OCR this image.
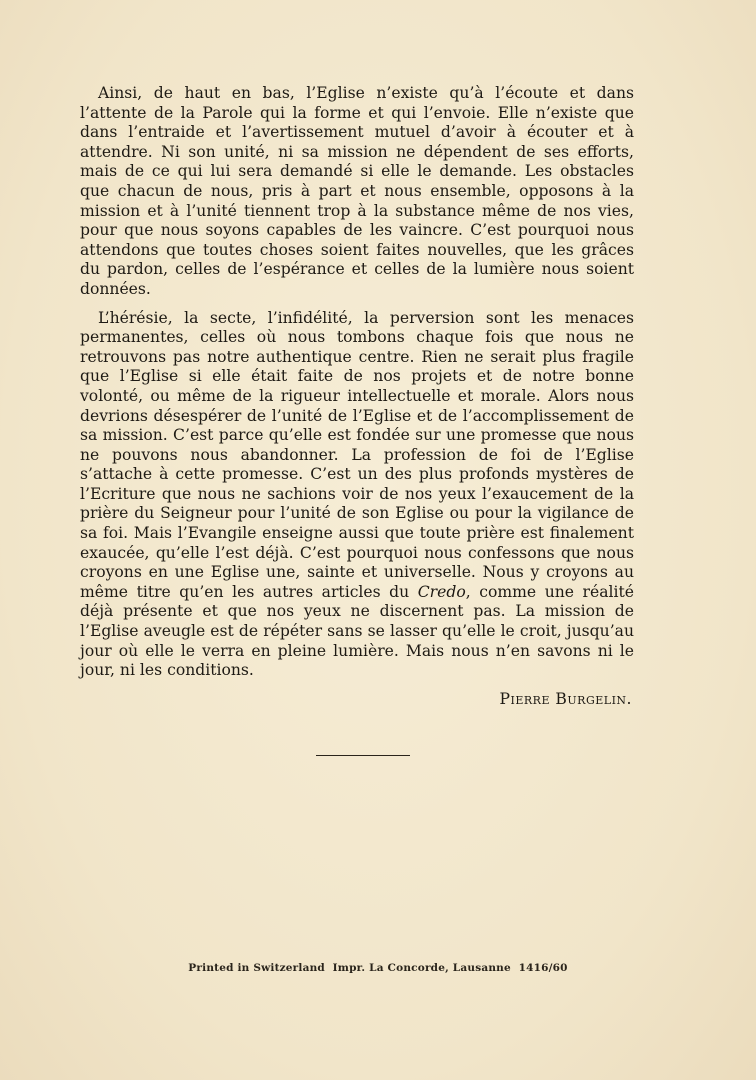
Ainsi, de haut en bas, l’Eglise n’existe qu’à l’écoute et dans l’attente de la Parole qui la forme et qui l’envoie. Elle n’existe que dans l’entraide et l’avertissement mutuel d’avoir à écouter et à attendre. Ni son unité, ni sa mission ne dépendent de ses efforts, mais de ce qui lui sera demandé si elle le demande. Les obstacles que chacun de nous, pris à part et nous ensemble, opposons à la mission et à l’unité tiennent trop à la substance même de nos vies, pour que nous soyons capables de les vaincre. C’est pourquoi nous attendons que toutes choses soient faites nouvelles, que les grâces du pardon, celles de l’espérance et celles de la lumière nous soient données.

L’hérésie, la secte, l’infidélité, la perversion sont les menaces permanentes, celles où nous tombons chaque fois que nous ne retrouvons pas notre authentique centre. Rien ne serait plus fragile que l’Eglise si elle était faite de nos projets et de notre bonne volonté, ou même de la rigueur intellectuelle et morale. Alors nous devrions désespérer de l’unité de l’Eglise et de l’accomplissement de sa mission. C’est parce qu’elle est fondée sur une promesse que nous ne pouvons nous abandonner. La profession de foi de l’Eglise s’attache à cette promesse. C’est un des plus profonds mystères de l’Ecriture que nous ne sachions voir de nos yeux l’exaucement de la prière du Seigneur pour l’unité de son Eglise ou pour la vigilance de sa foi. Mais l’Evangile enseigne aussi que toute prière est finalement exaucée, qu’elle l’est déjà. C’est pourquoi nous confessons que nous croyons en une Eglise une, sainte et universelle. Nous y croyons au même titre qu’en les autres articles du Credo, comme une réalité déjà présente et que nos yeux ne discernent pas. La mission de l’Eglise aveugle est de répéter sans se lasser qu’elle le croit, jusqu’au jour où elle le verra en pleine lumière. Mais nous n’en savons ni le jour, ni les conditions.

Pierre Burgelin.

Printed in Switzerland  Impr. La Concorde, Lausanne  1416/60
